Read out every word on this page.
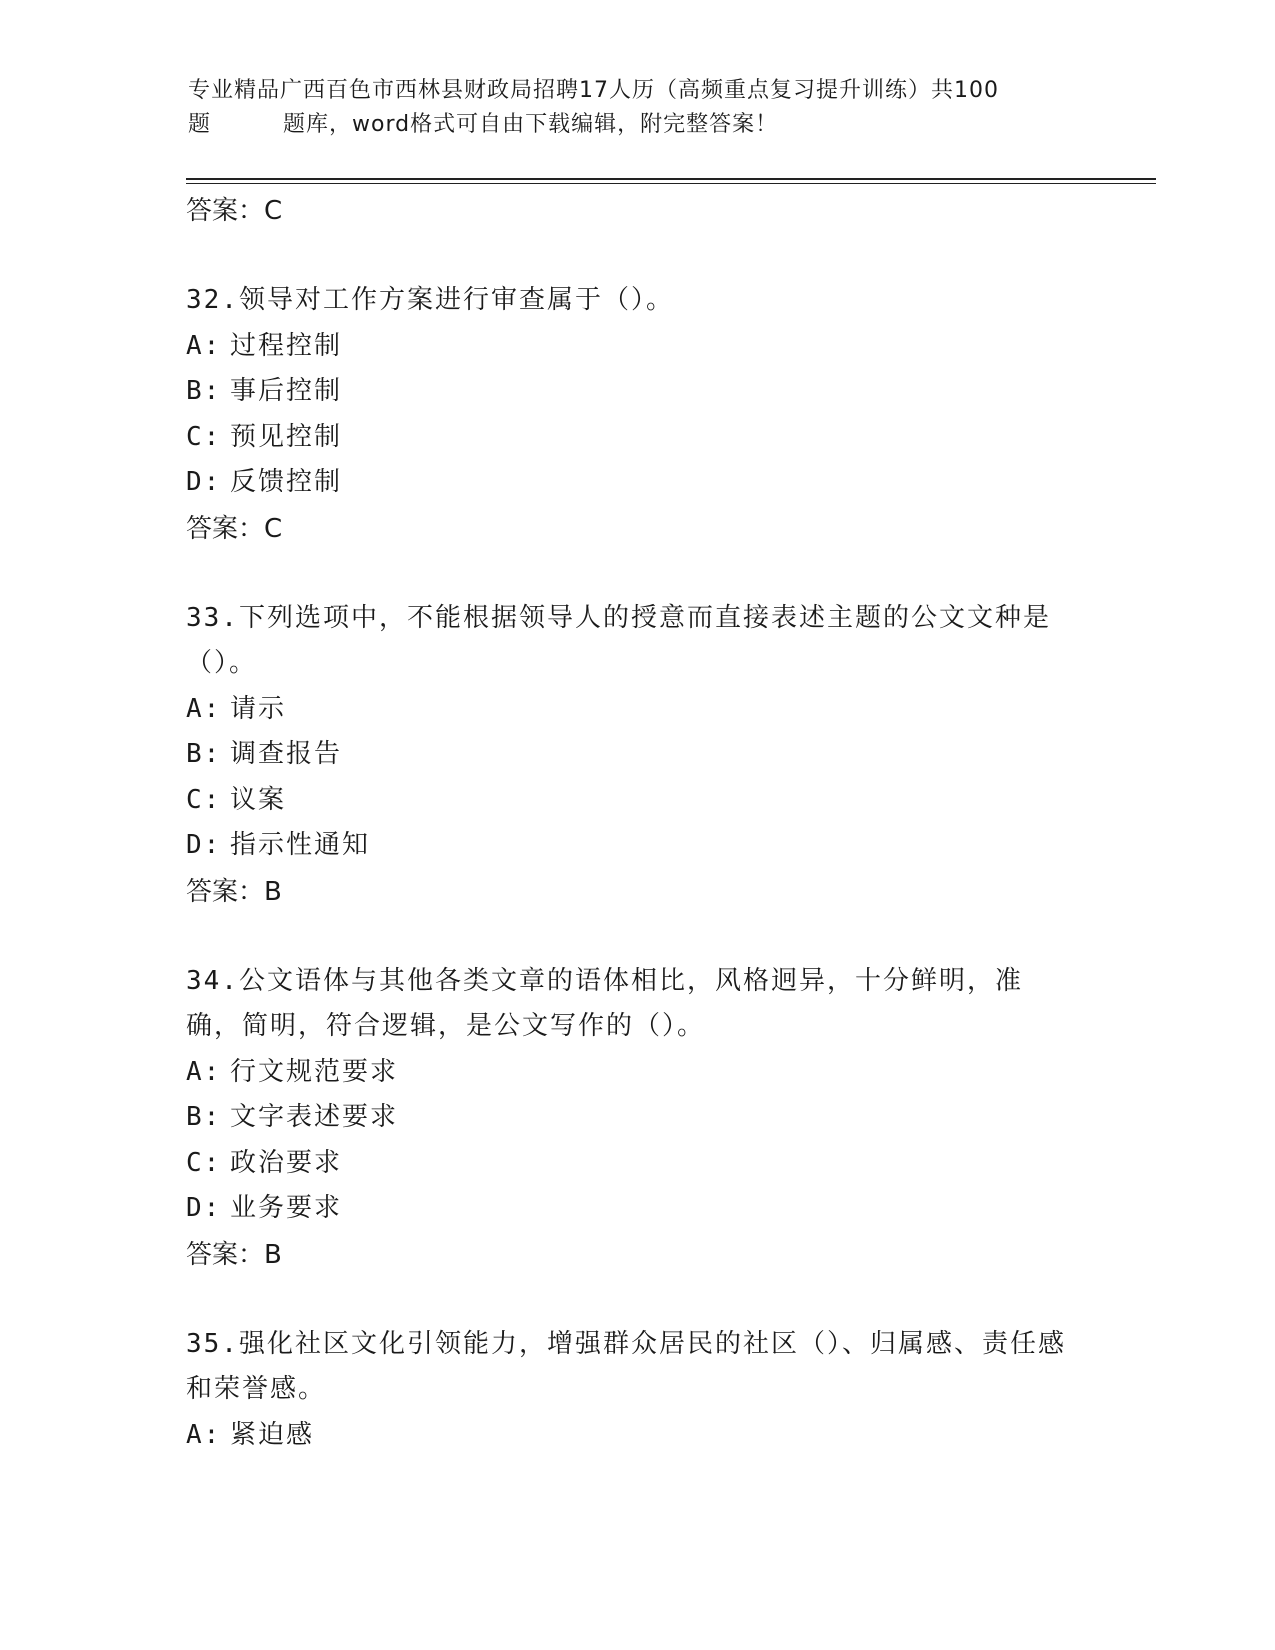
专业精品广西百色市西林县财政局招聘17人历（高频重点复习提升训练）共100
题	题库，word格式可自由下载编辑，附完整答案！
答案：C
32.领导对工作方案进行审查属于（）。
A: 过程控制
B: 事后控制
C: 预见控制
D: 反馈控制
答案：C
33.下列选项中，不能根据领导人的授意而直接表述主题的公文文种是（）。
A: 请示
B: 调查报告
C: 议案
D: 指示性通知
答案：B
34.公文语体与其他各类文章的语体相比，风格迥异，十分鲜明，准确，简明，符合逻辑，是公文写作的（）。
A: 行文规范要求
B: 文字表述要求
C: 政治要求
D: 业务要求
答案：B
35.强化社区文化引领能力，增强群众居民的社区（）、归属感、责任感和荣誉感。
A: 紧迫感
